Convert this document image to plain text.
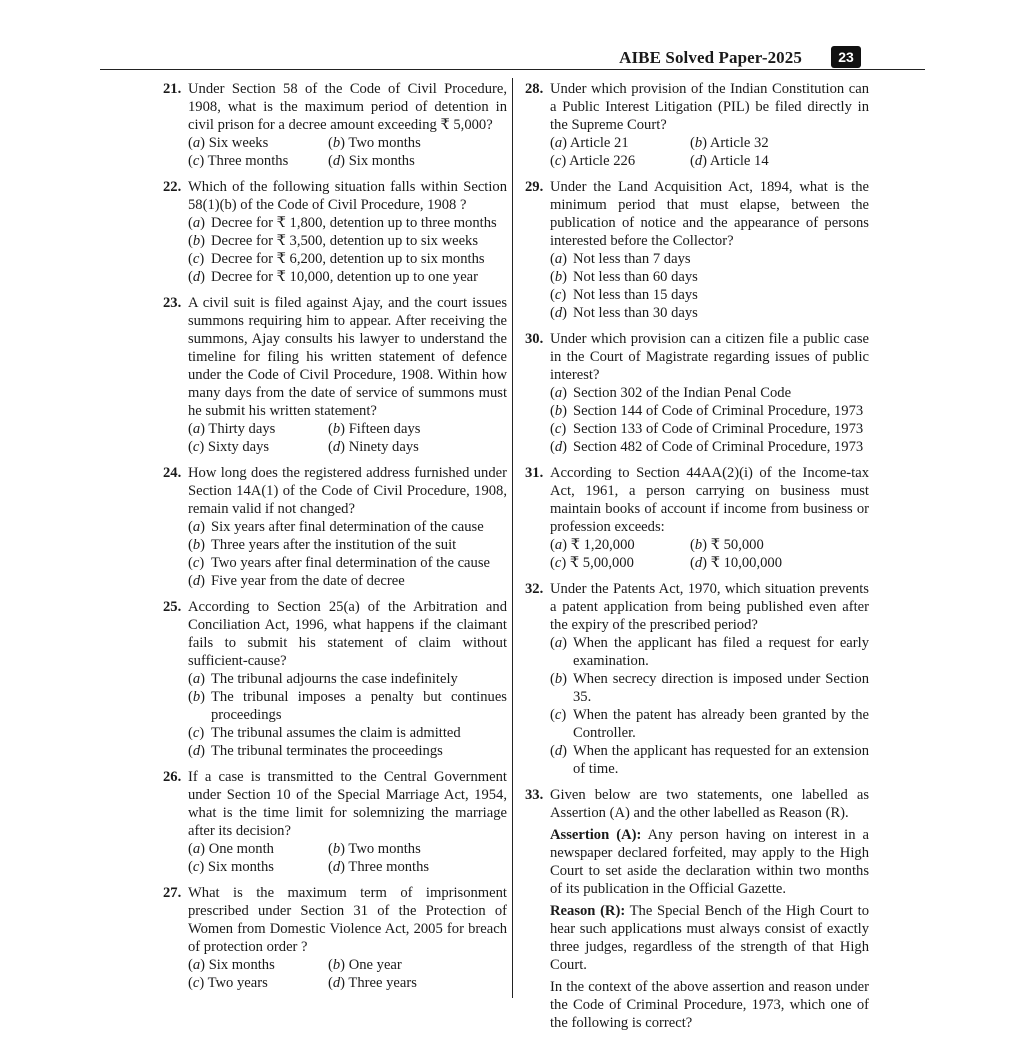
AIBE Solved Paper-2025	23
21. Under Section 58 of the Code of Civil Procedure, 1908, what is the maximum period of detention in civil prison for a decree amount exceeding ₹ 5,000?
(a) Six weeks	(b) Two months
(c) Three months	(d) Six months
22. Which of the following situation falls within Section 58(1)(b) of the Code of Civil Procedure, 1908 ?
(a) Decree for ₹ 1,800, detention up to three months
(b) Decree for ₹ 3,500, detention up to six weeks
(c) Decree for ₹ 6,200, detention up to six months
(d) Decree for ₹ 10,000, detention up to one year
23. A civil suit is filed against Ajay, and the court issues summons requiring him to appear. After receiving the summons, Ajay consults his lawyer to understand the timeline for filing his written statement of defence under the Code of Civil Procedure, 1908. Within how many days from the date of service of summons must he submit his written statement?
(a) Thirty days	(b) Fifteen days
(c) Sixty days	(d) Ninety days
24. How long does the registered address furnished under Section 14A(1) of the Code of Civil Procedure, 1908, remain valid if not changed?
(a) Six years after final determination of the cause
(b) Three years after the institution of the suit
(c) Two years after final determination of the cause
(d) Five year from the date of decree
25. According to Section 25(a) of the Arbitration and Conciliation Act, 1996, what happens if the claimant fails to submit his statement of claim without sufficient-cause?
(a) The tribunal adjourns the case indefinitely
(b) The tribunal imposes a penalty but continues proceedings
(c) The tribunal assumes the claim is admitted
(d) The tribunal terminates the proceedings
26. If a case is transmitted to the Central Government under Section 10 of the Special Marriage Act, 1954, what is the time limit for solemnizing the marriage after its decision?
(a) One month	(b) Two months
(c) Six months	(d) Three months
27. What is the maximum term of imprisonment prescribed under Section 31 of the Protection of Women from Domestic Violence Act, 2005 for breach of protection order ?
(a) Six months	(b) One year
(c) Two years	(d) Three years
28. Under which provision of the Indian Constitution can a Public Interest Litigation (PIL) be filed directly in the Supreme Court?
(a) Article 21	(b) Article 32
(c) Article 226	(d) Article 14
29. Under the Land Acquisition Act, 1894, what is the minimum period that must elapse, between the publication of notice and the appearance of persons interested before the Collector?
(a) Not less than 7 days
(b) Not less than 60 days
(c) Not less than 15 days
(d) Not less than 30 days
30. Under which provision can a citizen file a public case in the Court of Magistrate regarding issues of public interest?
(a) Section 302 of the Indian Penal Code
(b) Section 144 of Code of Criminal Procedure, 1973
(c) Section 133 of Code of Criminal Procedure, 1973
(d) Section 482 of Code of Criminal Procedure, 1973
31. According to Section 44AA(2)(i) of the Income-tax Act, 1961, a person carrying on business must maintain books of account if income from business or profession exceeds:
(a) ₹ 1,20,000	(b) ₹ 50,000
(c) ₹ 5,00,000	(d) ₹ 10,00,000
32. Under the Patents Act, 1970, which situation prevents a patent application from being published even after the expiry of the prescribed period?
(a) When the applicant has filed a request for early examination.
(b) When secrecy direction is imposed under Section 35.
(c) When the patent has already been granted by the Controller.
(d) When the applicant has requested for an extension of time.
33. Given below are two statements, one labelled as Assertion (A) and the other labelled as Reason (R).
Assertion (A): Any person having on interest in a newspaper declared forfeited, may apply to the High Court to set aside the declaration within two months of its publication in the Official Gazette.
Reason (R): The Special Bench of the High Court to hear such applications must always consist of exactly three judges, regardless of the strength of that High Court.
In the context of the above assertion and reason under the Code of Criminal Procedure, 1973, which one of the following is correct?
